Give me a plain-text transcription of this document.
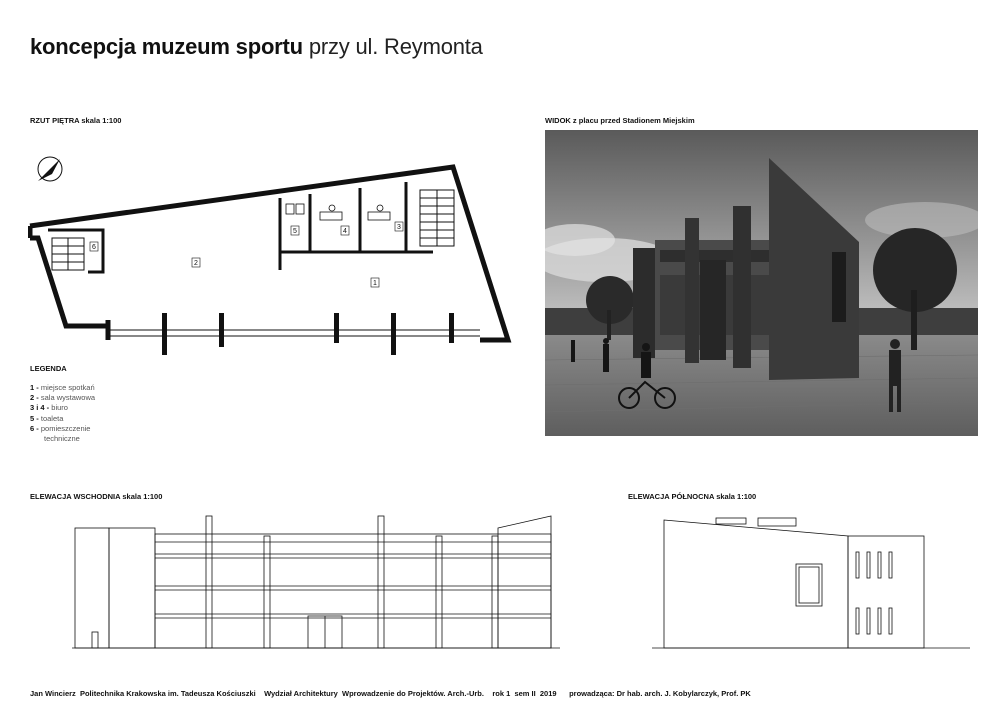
koncepcja muzeum sportu przy ul. Reymonta
RZUT PIĘTRA skala 1:100
2
1
5	4
3
6
LEGENDA
1 - miejsce spotkań
2 - sala wystawowa
3 i 4 - biuro
5 - toaleta
6 - pomieszczenie
techniczne
WIDOK z placu przed Stadionem Miejskim
ELEWACJA WSCHODNIA skala 1:100	ELEWACJA PÓŁNOCNA skala 1:100
Jan Wincierz Politechnika Krakowska im. Tadeusza Kościuszki Wydział Architektury Wprowadzenie do Projektów. Arch.-Urb. rok 1 sem II 2019 prowadząca: Dr hab. arch. J. Kobylarczyk, Prof. PK
